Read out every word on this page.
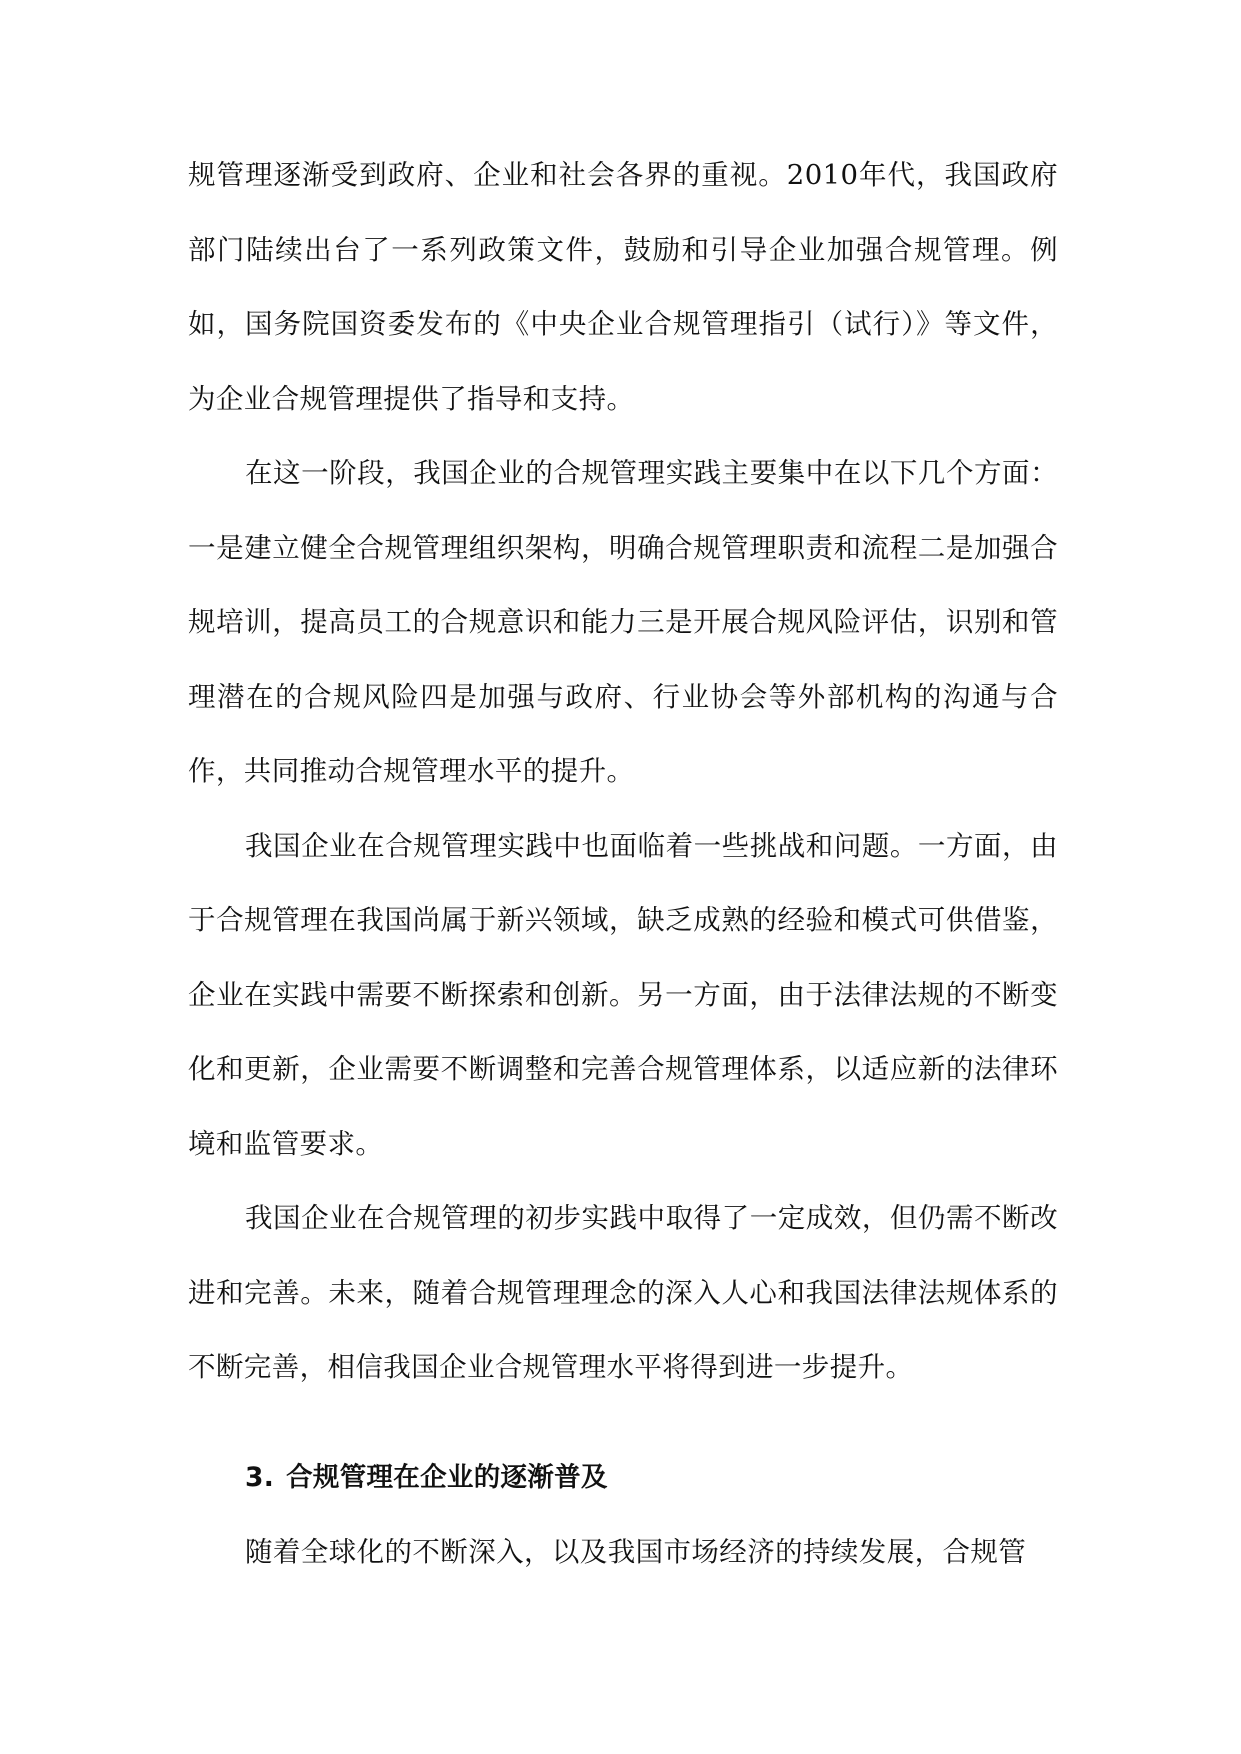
规管理逐渐受到政府、企业和社会各界的重视。2010年代，我国政府部门陆续出台了一系列政策文件，鼓励和引导企业加强合规管理。例如，国务院国资委发布的《中央企业合规管理指引（试行）》等文件，为企业合规管理提供了指导和支持。

在这一阶段，我国企业的合规管理实践主要集中在以下几个方面：一是建立健全合规管理组织架构，明确合规管理职责和流程二是加强合规培训，提高员工的合规意识和能力三是开展合规风险评估，识别和管理潜在的合规风险四是加强与政府、行业协会等外部机构的沟通与合作，共同推动合规管理水平的提升。

我国企业在合规管理实践中也面临着一些挑战和问题。一方面，由于合规管理在我国尚属于新兴领域，缺乏成熟的经验和模式可供借鉴，企业在实践中需要不断探索和创新。另一方面，由于法律法规的不断变化和更新，企业需要不断调整和完善合规管理体系，以适应新的法律环境和监管要求。

我国企业在合规管理的初步实践中取得了一定成效，但仍需不断改进和完善。未来，随着合规管理理念的深入人心和我国法律法规体系的不断完善，相信我国企业合规管理水平将得到进一步提升。

3. 合规管理在企业的逐渐普及

随着全球化的不断深入，以及我国市场经济的持续发展，合规管
